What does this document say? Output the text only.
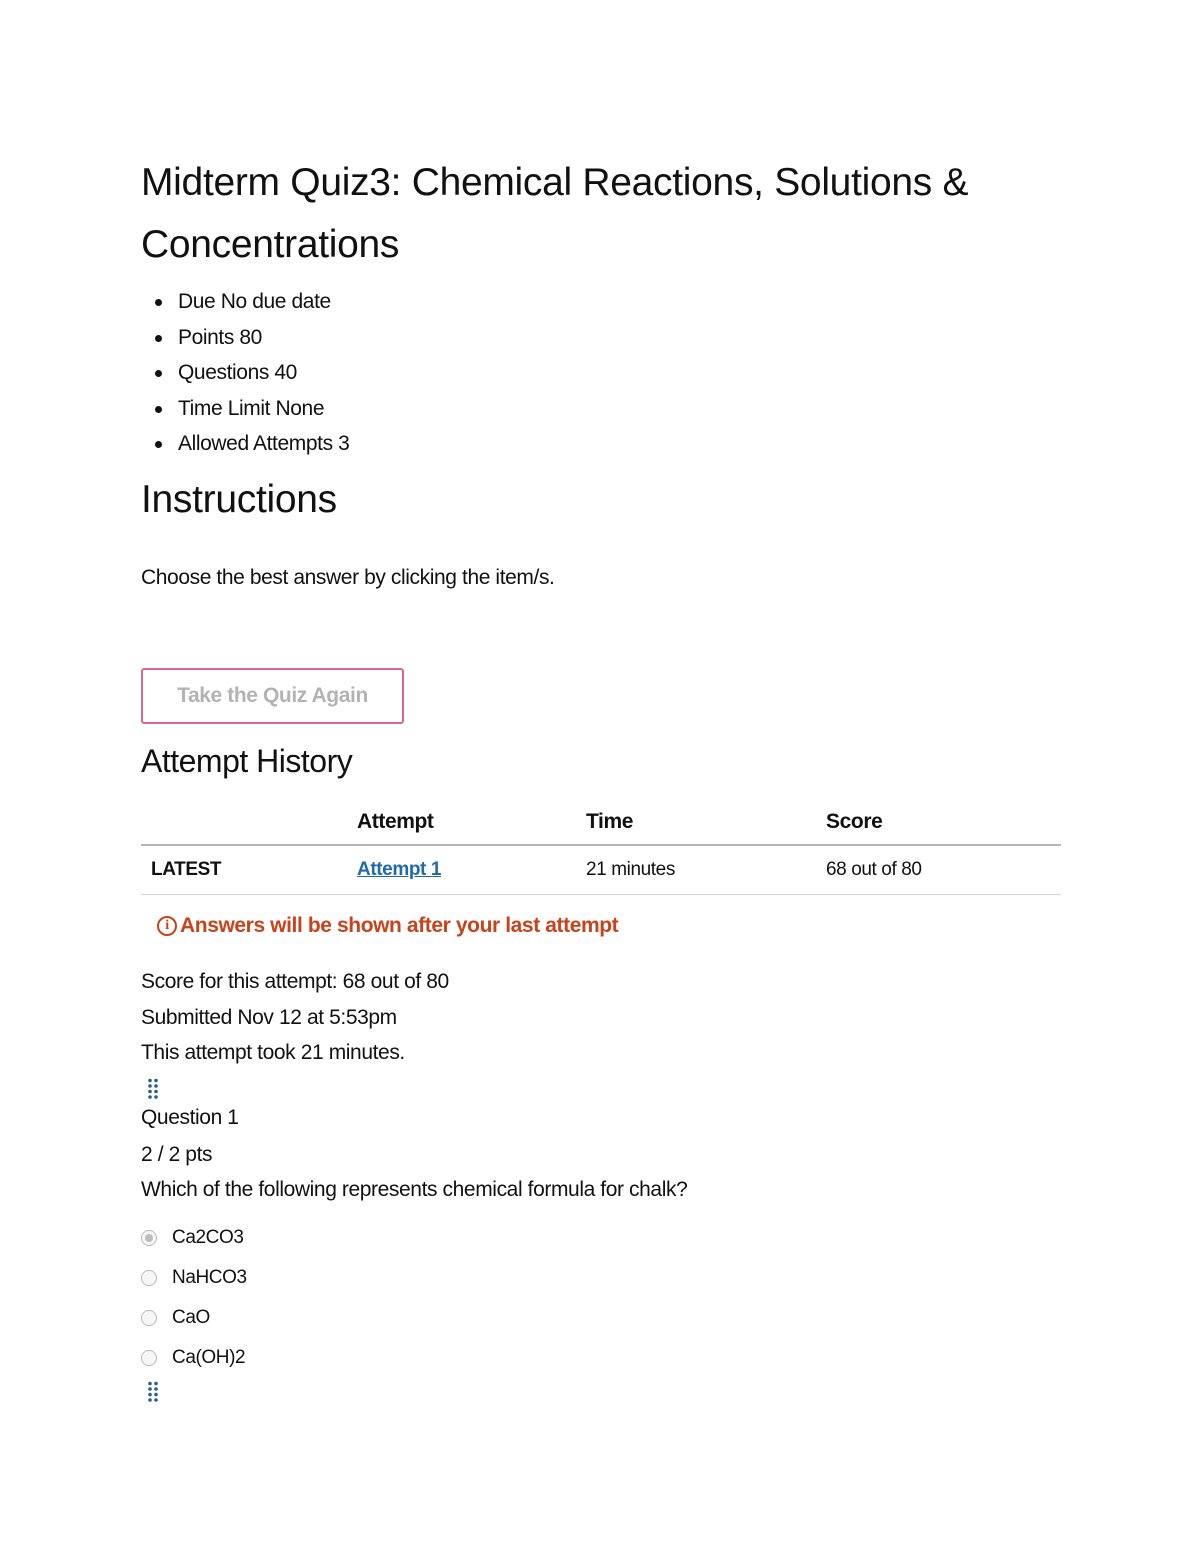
Midterm Quiz3: Chemical Reactions, Solutions & Concentrations
Due No due date
Points 80
Questions 40
Time Limit None
Allowed Attempts 3
Instructions

Choose the best answer by clicking the item/s.

Take the Quiz Again
Attempt History
	Attempt	Time	Score
LATEST	Attempt 1	21 minutes	68 out of 80
i Answers will be shown after your last attempt
Score for this attempt: 68 out of 80
Submitted Nov 12 at 5:53pm
This attempt took 21 minutes.
Question 1
2 / 2 pts
Which of the following represents chemical formula for chalk?
Ca2CO3
NaHCO3
CaO
Ca(OH)2
